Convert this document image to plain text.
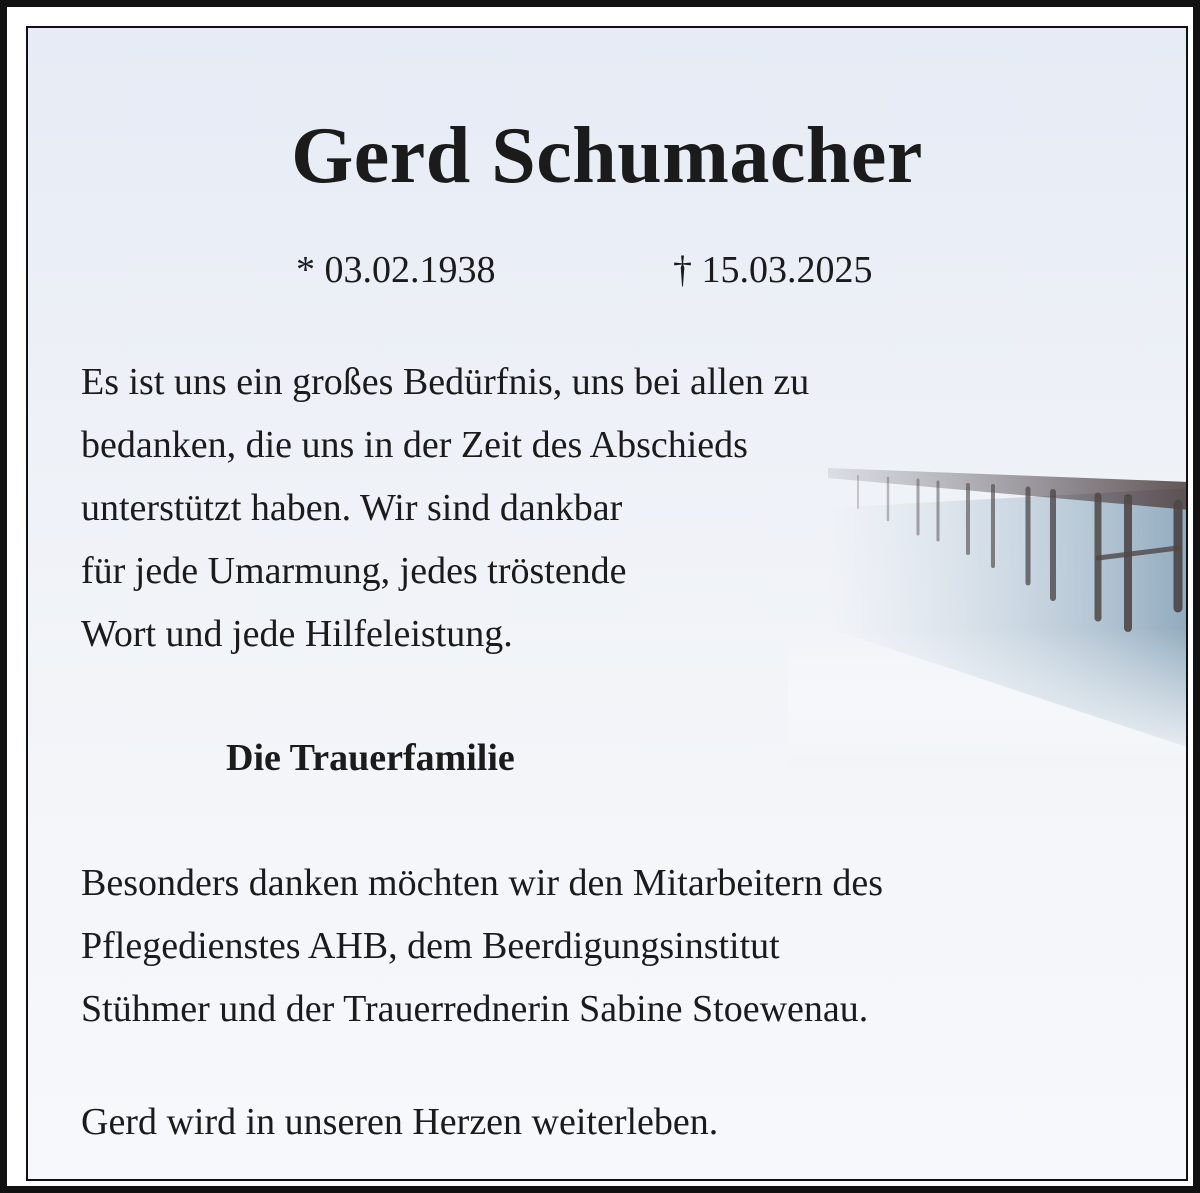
Gerd Schumacher
* 03.02.1938	† 15.03.2025
Es ist uns ein großes Bedürfnis, uns bei allen zu
bedanken, die uns in der Zeit des Abschieds
unterstützt haben. Wir sind dankbar
für jede Umarmung, jedes tröstende
Wort und jede Hilfeleistung.
Die Trauerfamilie
Besonders danken möchten wir den Mitarbeitern des
Pflegedienstes AHB, dem Beerdigungsinstitut
Stühmer und der Trauerrednerin Sabine Stoewenau.
Gerd wird in unseren Herzen weiterleben.
